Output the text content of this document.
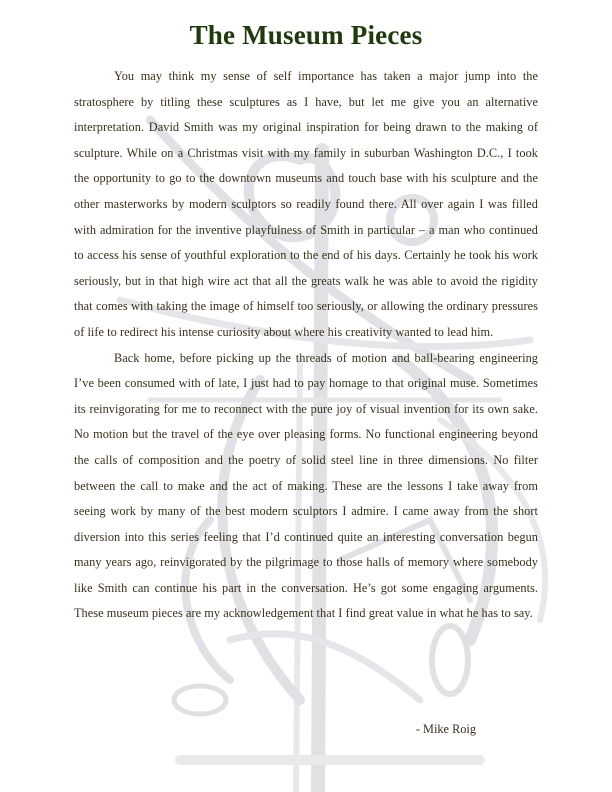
The Museum Pieces

You may think my sense of self importance has taken a major jump into the stratosphere by titling these sculptures as I have, but let me give you an alternative interpretation. David Smith was my original inspiration for being drawn to the making of sculpture. While on a Christmas visit with my family in suburban Washington D.C., I took the opportunity to go to the downtown museums and touch base with his sculpture and the other masterworks by modern sculptors so readily found there. All over again I was filled with admiration for the inventive playfulness of Smith in particular – a man who continued to access his sense of youthful exploration to the end of his days. Certainly he took his work seriously, but in that high wire act that all the greats walk he was able to avoid the rigidity that comes with taking the image of himself too seriously, or allowing the ordinary pressures of life to redirect his intense curiosity about where his creativity wanted to lead him.

Back home, before picking up the threads of motion and ball-bearing engineering I’ve been consumed with of late, I just had to pay homage to that original muse. Sometimes its reinvigorating for me to reconnect with the pure joy of visual invention for its own sake. No motion but the travel of the eye over pleasing forms. No functional engineering beyond the calls of composition and the poetry of solid steel line in three dimensions. No filter between the call to make and the act of making. These are the lessons I take away from seeing work by many of the best modern sculptors I admire. I came away from the short diversion into this series feeling that I’d continued quite an interesting conversation begun many years ago, reinvigorated by the pilgrimage to those halls of memory where somebody like Smith can continue his part in the conversation. He’s got some engaging arguments. These museum pieces are my acknowledgement that I find great value in what he has to say.

- Mike Roig
